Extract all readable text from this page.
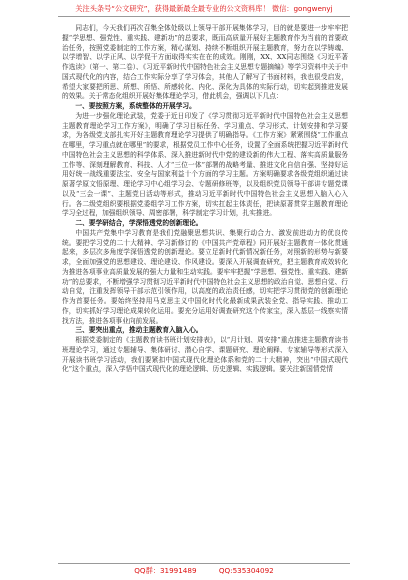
关注头条号“公文研究”，获得最新最全最专业的公文资料库！ 微信：gongwenyj

同志们，今天我们再次召集全体处级以上领导干部开展集体学习，目的就是要进一步牢牢把握“学思想、强党性、重实践、建新功”的总要求，既而高质量开展好主题教育作为当前的首要政治任务，按照党委制定的工作方案，精心谋划、持续不断组织开展主题教育，努力在以学铸魂、以学增智、以学正风、以学促干方面取得实实在在的成效。刚刚，XX、XX同志围绕《习近平著作选读》（第一、第二卷）、《习近平新时代中国特色社会主义思想专题摘编》等学习资料中关于中国式现代化的内容，结合工作实际分享了学习体会，其他人了解写了书面材料，我也很受启发，希望大家要把所思、所想、所悟、所感转化、内化、深化为具体的实际行动，切实起到推进发展的效果。关于常态化组织开展好集体理论学习，借此机会，强调以下几点：

一、要按照方案，系统整体的开展学习。

为进一步强化理论武装，党委于近日印发了《学习贯彻习近平新时代中国特色社会主义思想主题教育理论学习工作方案》，明确了学习目标任务、学习重点、学习形式、计划安排和学习要求，为各级党支部扎实开好主题教育理论学习提供了明确指导。《工作方案》紧紧围绕“工作重点在哪里，学习重点就在哪里”的要求，根据党员工作中心任务，设置了全面系统把握习近平新时代中国特色社会主义思想的科学体系、深入推进新时代中党的建设新的伟大工程、落实高质量服务工作等、深刻理解教育、科技、人才“三位一体”部署的战略考量、推进文化自信自强、坚持好运用好统一战线重要法宝、安全与国家利益十个方面的学习主题。方案明确要求各级党组织通过读原著学原文悟原理、理论学习中心组学习会、专题研修班等，以及组织党员领导干部讲专题党课以及“三会一课”、主题党日活动等形式，推动习近平新时代中国特色社会主义思想入脑入心入行。各二级党组织要根据党委组学习工作方案，切实扛起主体责任，把读原著贯穿主题教育理论学习全过程，加强组织领导、周密部署，科学制定学习计划，扎实推进。

二、要学研结合，学深悟透党的创新理论。

中国共产党集中学习教育是我们党融聚思想共识、集聚行动合力、激发前进动力的优良传统。要把学习党的二十大精神、学习新修订的《中国共产党章程》同开展好主题教育一体化贯通起来，多层次多角度学深悟透党的创新理论。要立足新时代新情况新任务，对照新的形势与新要求，全面加强党的思想建设、理论建设、作风建设。要深入开展调查研究，把主题教育成效转化为推进各项事业高质量发展的强大力量和生动实践。要牢牢把握“学思想、强党性、重实践、建新功”的总要求，不断增强学习贯彻习近平新时代中国特色社会主义思想的政治自觉、思想自觉、行动自觉，注重发挥领导干部示范引领作用，以高度的政治责任感，切实把学习贯彻党的创新理论作为首要任务。要始终坚持用马克思主义中国化时代化最新成果武装全党、指导实践、推动工作，切实抓好学习理论成果转化运用。要充分运用好调查研究这个传家宝，深入基层一线察实情找方法，推进各项事业向前发展。

三、要突出重点，推动主题教育入脑入心。

根据党委制定的《主题教育读书班计划安排表》，以“月计划、周安排”重点推进主题教育读书班理论学习，通过专题辅导、集体研讨、潜心自学、课题研究、理论阐释、专家辅导等形式深入开展读书班学习活动，我们要紧扣中国式现代化理论体系和党的二十大精神，突出“中国式现代化”这个重点，深入学悟中国式现代化的理论逻辑、历史逻辑、实践逻辑。要关注新国情党情

QQ群：31991489	QQ:535304092
